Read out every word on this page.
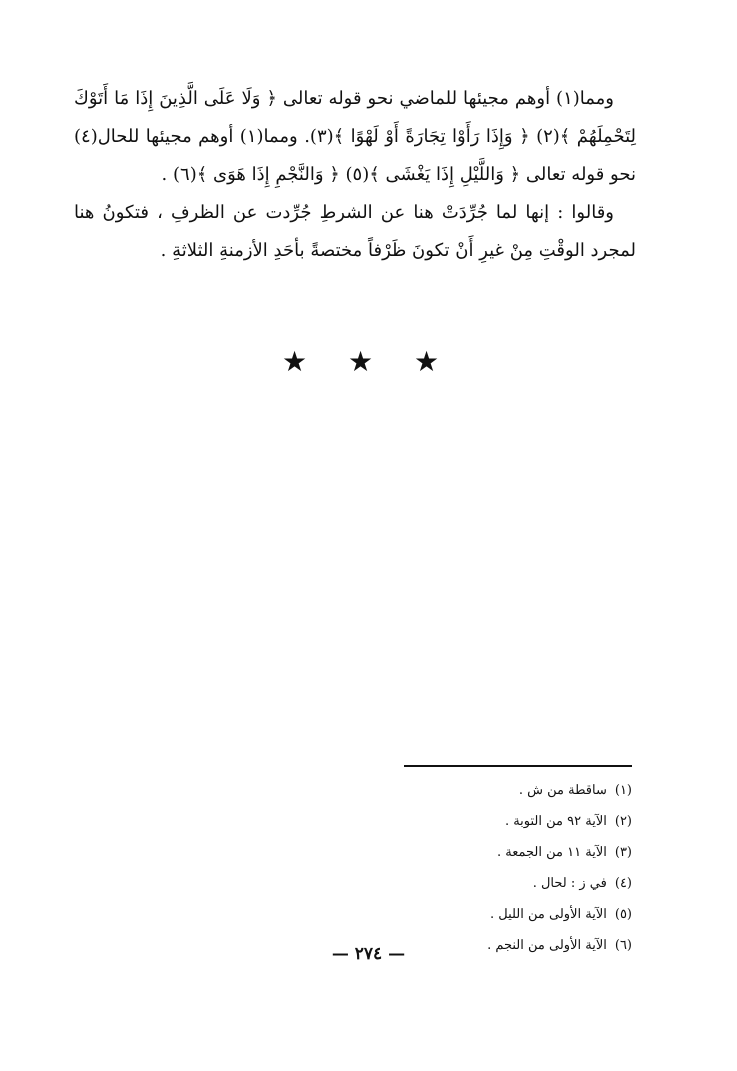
ومما(١) أوهم مجيئها للماضي نحو قوله تعالى ﴿ وَلَا عَلَى الَّذِينَ إِذَا مَا أَتَوْكَ لِتَحْمِلَهُمْ ﴾(٢) ﴿ وَإِذَا رَأَوْا تِجَارَةً أَوْ لَهْوًا ﴾(٣). ومما(١) أوهم مجيئها للحال(٤) نحو قوله تعالى ﴿ وَاللَّيْلِ إِذَا يَغْشَى ﴾(٥) ﴿ وَالنَّجْمِ إِذَا هَوَى ﴾(٦) .

وقالوا : إنها لما جُرِّدَتْ هنا عن الشرطِ جُرِّدت عن الظرفِ ، فتكونُ هنا لمجرد الوقْتِ مِنْ غيرِ أَنْ تكونَ ظَرْفاً مختصةً بأحَدِ الأزمنةِ الثلاثةِ .

★ ★ ★
(١)ساقطة من ش .
(٢)الآية ٩٢ من التوبة .
(٣)الآية ١١ من الجمعة .
(٤)في ز : لحال .
(٥)الآية الأولى من الليل .
(٦)الآية الأولى من النجم .
— ٢٧٤ —
